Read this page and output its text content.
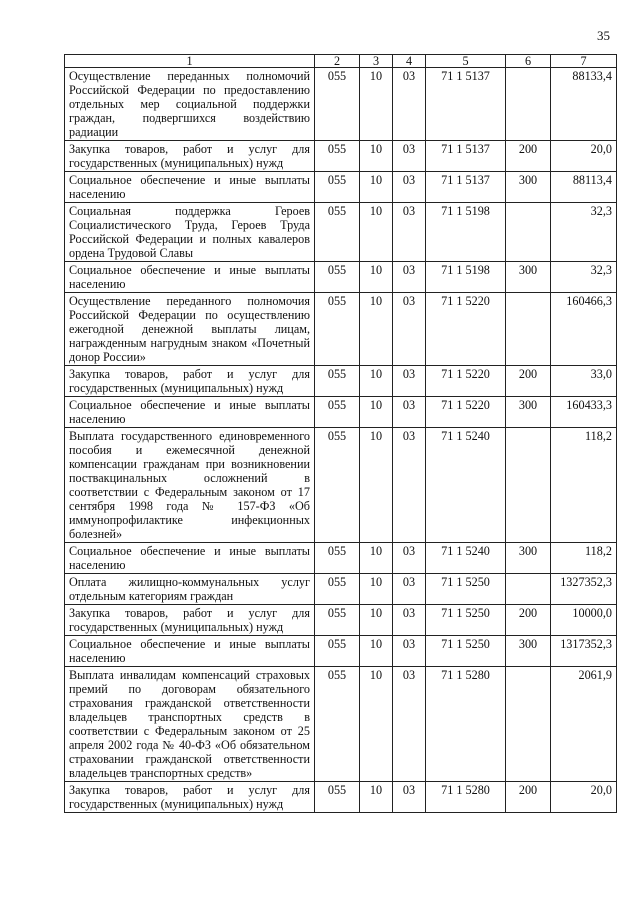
35
1	2	3	4	5	6	7
Осуществление переданных полномочий Российской Федерации по предоставлению отдельных мер социальной поддержки граждан, подвергшихся воздействию радиации	055	10	03	71 1 5137		88133,4
Закупка товаров, работ и услуг для государственных (муниципальных) нужд	055	10	03	71 1 5137	200	20,0
Социальное обеспечение и иные выплаты населению	055	10	03	71 1 5137	300	88113,4
Социальная поддержка Героев Социалистического Труда, Героев Труда Российской Федерации и полных кавалеров ордена Трудовой Славы	055	10	03	71 1 5198		32,3
Социальное обеспечение и иные выплаты населению	055	10	03	71 1 5198	300	32,3
Осуществление переданного полномочия Российской Федерации по осуществлению ежегодной денежной выплаты лицам, награжденным нагрудным знаком «Почетный донор России»	055	10	03	71 1 5220		160466,3
Закупка товаров, работ и услуг для государственных (муниципальных) нужд	055	10	03	71 1 5220	200	33,0
Социальное обеспечение и иные выплаты населению	055	10	03	71 1 5220	300	160433,3
Выплата государственного единовременного пособия и ежемесячной денежной компенсации гражданам при возникновении поствакцинальных осложнений в соответствии с Федеральным законом от 17 сентября 1998 года № 157-ФЗ «Об иммунопрофилактике инфекционных болезней»	055	10	03	71 1 5240		118,2
Социальное обеспечение и иные выплаты населению	055	10	03	71 1 5240	300	118,2
Оплата жилищно-коммунальных услуг отдельным категориям граждан	055	10	03	71 1 5250		1327352,3
Закупка товаров, работ и услуг для государственных (муниципальных) нужд	055	10	03	71 1 5250	200	10000,0
Социальное обеспечение и иные выплаты населению	055	10	03	71 1 5250	300	1317352,3
Выплата инвалидам компенсаций страховых премий по договорам обязательного страхования гражданской ответственности владельцев транспортных средств в соответствии с Федеральным законом от 25 апреля 2002 года № 40-ФЗ «Об обязательном страховании гражданской ответственности владельцев транспортных средств»	055	10	03	71 1 5280		2061,9
Закупка товаров, работ и услуг для государственных (муниципальных) нужд	055	10	03	71 1 5280	200	20,0
